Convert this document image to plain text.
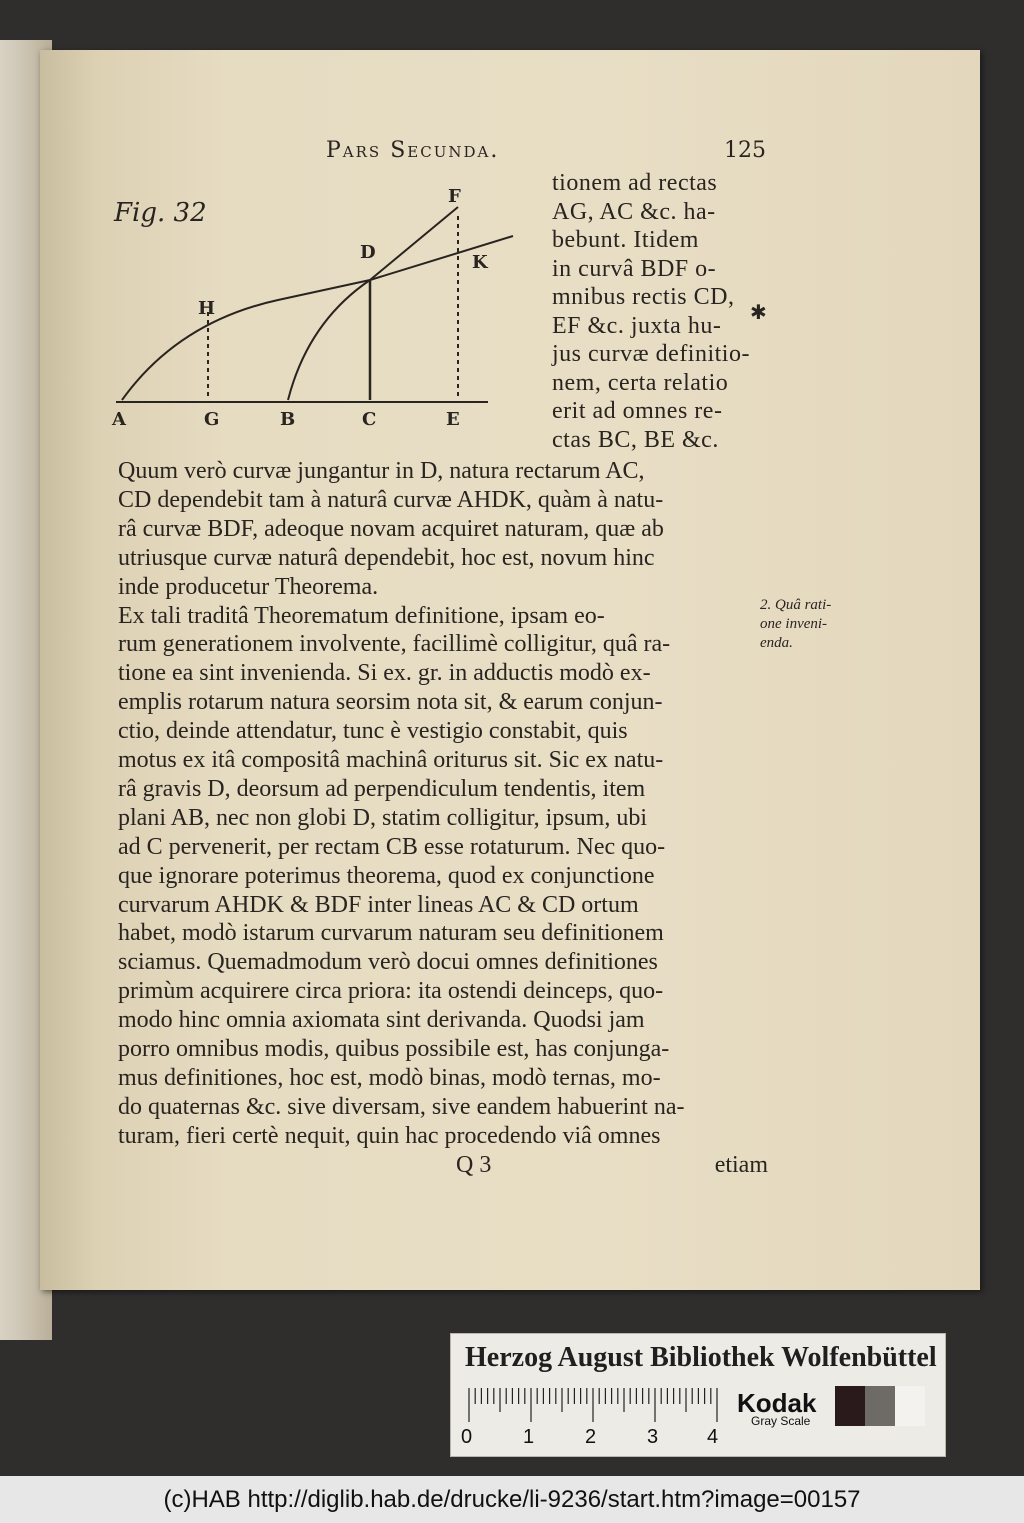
Pars Secunda.	125
Fig. 32
F
D	K
H
A	G	B	C	E
✱
tionem ad rectas
AG, AC &c. ha-
bebunt. Itidem
in curvâ BDF o-
mnibus rectis CD,
EF &c. juxta hu-
jus curvæ definitio-
nem, certa relatio
erit ad omnes re-
ctas BC, BE &c.
Quum verò curvæ jungantur in D, natura rectarum AC,
CD dependebit tam à naturâ curvæ AHDK, quàm à natu-
râ curvæ BDF, adeoque novam acquiret naturam, quæ ab
utriusque curvæ naturâ dependebit, hoc est, novum hinc
inde producetur Theorema.
Ex tali traditâ Theorematum definitione, ipsam eo-
rum generationem involvente, facillimè colligitur, quâ ra-
tione ea sint invenienda. Si ex. gr. in adductis modò ex-
emplis rotarum natura seorsim nota sit, & earum conjun-
ctio, deinde attendatur, tunc è vestigio constabit, quis
motus ex itâ compositâ machinâ oriturus sit. Sic ex natu-
râ gravis D, deorsum ad perpendiculum tendentis, item
plani AB, nec non globi D, statim colligitur, ipsum, ubi
ad C pervenerit, per rectam CB esse rotaturum. Nec quo-
que ignorare poterimus theorema, quod ex conjunctione
curvarum AHDK & BDF inter lineas AC & CD ortum
habet, modò istarum curvarum naturam seu definitionem
sciamus. Quemadmodum verò docui omnes definitiones
primùm acquirere circa priora: ita ostendi deinceps, quo-
modo hinc omnia axiomata sint derivanda. Quodsi jam
porro omnibus modis, quibus possibile est, has conjunga-
mus definitiones, hoc est, modò binas, modò ternas, mo-
do quaternas &c. sive diversam, sive eandem habuerint na-
turam, fieri certè nequit, quin hac procedendo viâ omnes
2. Quâ rati-
one inveni-
enda.
Q 3	etiam
Herzog August Bibliothek Wolfenbüttel
0	1	2	3 4
Kodak
Gray Scale
(c)HAB http://diglib.hab.de/drucke/li-9236/start.htm?image=00157
